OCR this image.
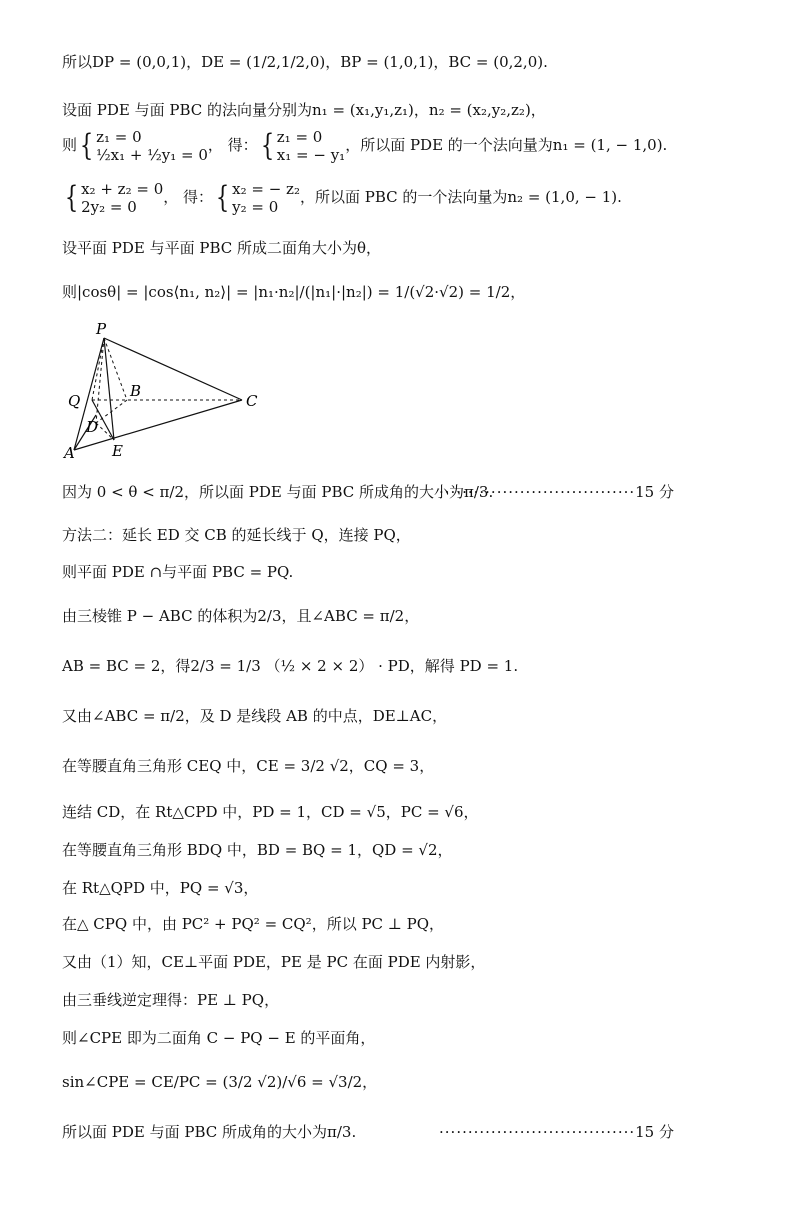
所以DP = (0,0,1)，DE = (1/2,1/2,0)，BP = (1,0,1)，BC = (0,2,0).
设面 PDE 与面 PBC 的法向量分别为n₁ = (x₁,y₁,z₁)，n₂ = (x₂,y₂,z₂)，
则{ z₁ = 0
½x₁ + ½y₁ = 0， 得：{ z₁ = 0
x₁ = − y₁，所以面 PDE 的一个法向量为n₁ = (1, − 1,0).
{ x₂ + z₂ = 0
2y₂ = 0， 得：{ x₂ = − z₂
y₂ = 0，所以面 PBC 的一个法向量为n₂ = (1,0, − 1).
设平面 PDE 与平面 PBC 所成二面角大小为θ，
则|cosθ| = |cos⟨n₁, n₂⟩| = |n₁·n₂|/(|n₁|·|n₂|) = 1/(√2·√2) = 1/2，
P
Q
B
C
D
A E
因为 0 < θ < π/2，所以面 PDE 与面 PBC 所成角的大小为π/3.
··································15 分
方法二：延长 ED 交 CB 的延长线于 Q，连接 PQ，
则平面 PDE ∩与平面 PBC = PQ.
由三棱锥 P − ABC 的体积为2/3，且∠ABC = π/2，
AB = BC = 2，得2/3 = 1/3 （½ × 2 × 2） · PD，解得 PD = 1.
又由∠ABC = π/2，及 D 是线段 AB 的中点，DE⊥AC，
在等腰直角三角形 CEQ 中，CE = 3/2 √2，CQ = 3，
连结 CD，在 Rt△CPD 中，PD = 1，CD = √5，PC = √6，
在等腰直角三角形 BDQ 中，BD = BQ = 1，QD = √2，
在 Rt△QPD 中，PQ = √3，
在△ CPQ 中，由 PC² + PQ² = CQ²，所以 PC ⊥ PQ，
又由（1）知，CE⊥平面 PDE，PE 是 PC 在面 PDE 内射影，
由三垂线逆定理得：PE ⊥ PQ，
则∠CPE 即为二面角 C − PQ − E 的平面角，
sin∠CPE = CE/PC = (3/2 √2)/√6 = √3/2，
所以面 PDE 与面 PBC 所成角的大小为π/3.	··································15 分
